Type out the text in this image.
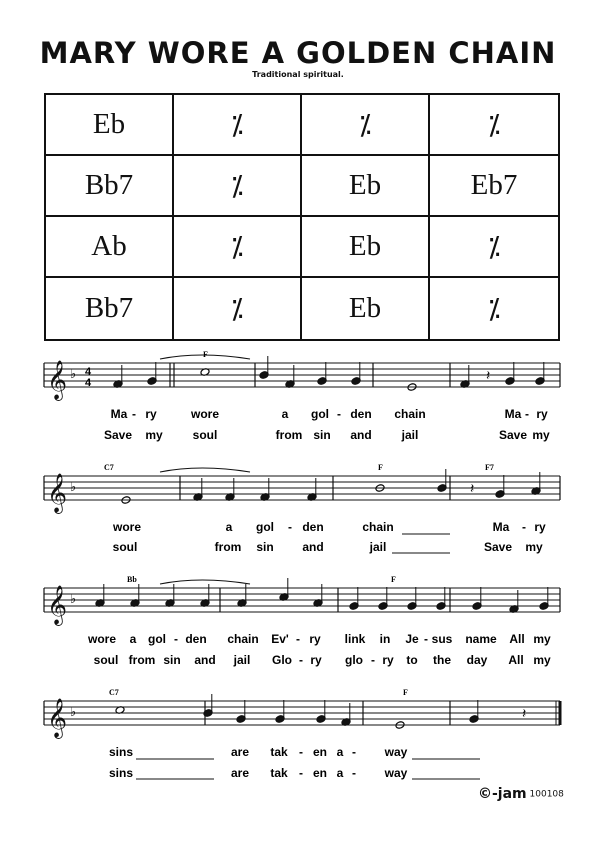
MARY WORE A GOLDEN CHAIN
Traditional spiritual.
Eb	⁒	⁒	⁒
Bb7	⁒	Eb	Eb7
Ab	⁒	Eb	⁒
Bb7	⁒	Eb	⁒
𝄞 ♭
𝄞 ♭
𝄞 ♭
𝄞 ♭
𝄽
𝄽
𝄽
4
4
F
C7	F	F7
Bb	F
C7	F
Ma - ry	wore	a gol - den chain	Ma - ry
Save my soul	from sin and jail	Save my
wore	a gol - den	chain	Ma - ry
soul	from sin and	jail	Save my
wore a gol - den chain Ev' - ry link in Je - sus name All my
soul from sin and jail Glo - ry glo - ry to the day All my
sins	are tak - en a - way
sins	are tak - en a - way
©-jam 100108
